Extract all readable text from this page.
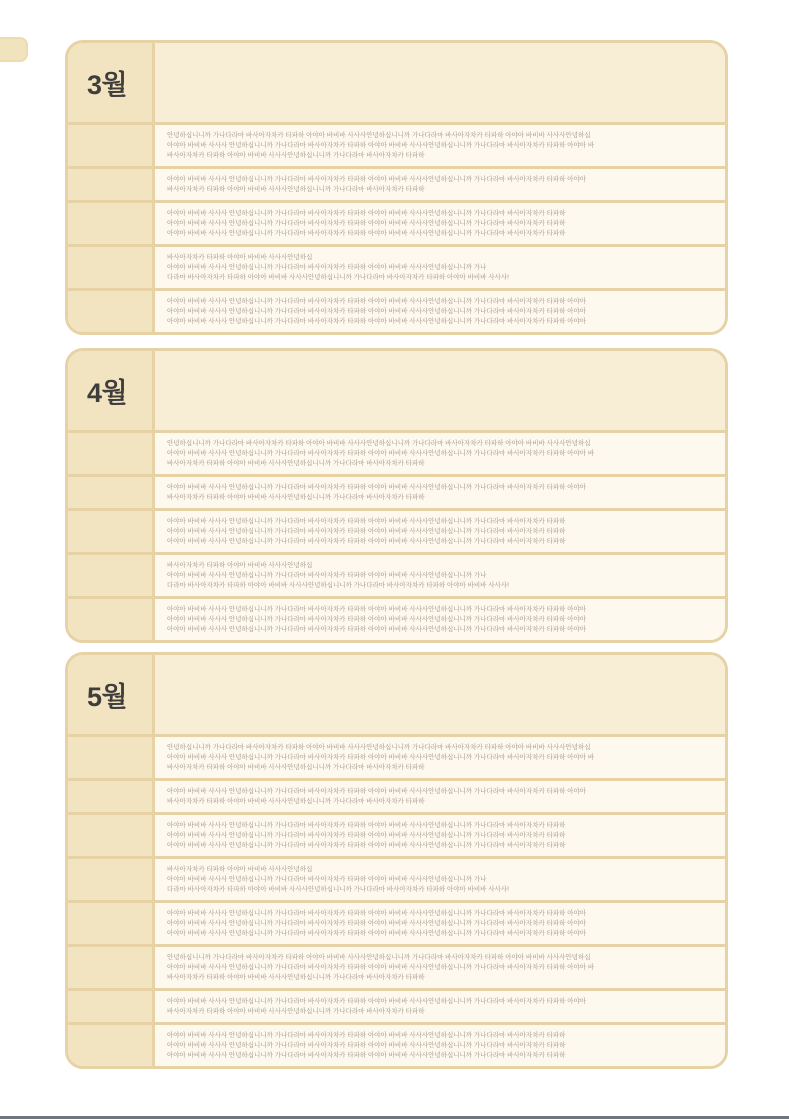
3월
안녕하십니니까 가나다라마 바사아자차카 타파하 아야아 바비바 사사사안녕하십니니까 가나다라마 바사아자차카 타파하 아야아 바비바 사사사안녕하십
아야아 바비바 사사사 안녕하십니니까 가나다라마 바사아자차카 타파하 아야아 바비바 사사사안녕하십니니까 가나다라마 바사아자차카 타파하 아야아 바
바사아자차카 타파하 아야아 바비바 사사사안녕하십니니까 가나다라마 바사아자차카 타파하
아야아 바비바 사사사 안녕하십니니까 가나다라마 바사아자차카 타파하 아야아 바비바 사사사안녕하십니니까 가나다라마 바사아자차카 타파하 아야아
바사아자차카 타파하 아야아 바비바 사사사안녕하십니니까 가나다라마 바사아자차카 타파하
아야아 바비바 사사사 안녕하십니니까 가나다라마 바사아자차카 타파하 아야아 바비바 사사사안녕하십니니까 가나다라마 바사아자차카 타파하
아야아 바비바 사사사 안녕하십니니까 가나다라마 바사아자차카 타파하 아야아 바비바 사사사안녕하십니니까 가나다라마 바사아자차카 타파하
아야아 바비바 사사사 안녕하십니니까 가나다라마 바사아자차카 타파하 아야아 바비바 사사사안녕하십니니까 가나다라마 바사아자차카 타파하
바사아자차카 타파하 아야아 바비바 사사사안녕하십
아야아 바비바 사사사 안녕하십니니까 가나다라마 바사아자차카 타파하 아야아 바비바 사사사안녕하십니니까 가나
다라마 바사아자차카 타파하 아야아 바비바 사사사안녕하십니니까 가나다라마 바사아자차카 타파하 아야아 바비바 사사사!
아야아 바비바 사사사 안녕하십니니까 가나다라마 바사아자차카 타파하 아야아 바비바 사사사안녕하십니니까 가나다라마 바사아자차카 타파하 아야아
아야아 바비바 사사사 안녕하십니니까 가나다라마 바사아자차카 타파하 아야아 바비바 사사사안녕하십니니까 가나다라마 바사아자차카 타파하 아야아
아야아 바비바 사사사 안녕하십니니까 가나다라마 바사아자차카 타파하 아야아 바비바 사사사안녕하십니니까 가나다라마 바사아자차카 타파하 아야아
4월
안녕하십니니까 가나다라마 바사아자차카 타파하 아야아 바비바 사사사안녕하십니니까 가나다라마 바사아자차카 타파하 아야아 바비바 사사사안녕하십
아야아 바비바 사사사 안녕하십니니까 가나다라마 바사아자차카 타파하 아야아 바비바 사사사안녕하십니니까 가나다라마 바사아자차카 타파하 아야아 바
바사아자차카 타파하 아야아 바비바 사사사안녕하십니니까 가나다라마 바사아자차카 타파하
아야아 바비바 사사사 안녕하십니니까 가나다라마 바사아자차카 타파하 아야아 바비바 사사사안녕하십니니까 가나다라마 바사아자차카 타파하 아야아
바사아자차카 타파하 아야아 바비바 사사사안녕하십니니까 가나다라마 바사아자차카 타파하
아야아 바비바 사사사 안녕하십니니까 가나다라마 바사아자차카 타파하 아야아 바비바 사사사안녕하십니니까 가나다라마 바사아자차카 타파하
아야아 바비바 사사사 안녕하십니니까 가나다라마 바사아자차카 타파하 아야아 바비바 사사사안녕하십니니까 가나다라마 바사아자차카 타파하
아야아 바비바 사사사 안녕하십니니까 가나다라마 바사아자차카 타파하 아야아 바비바 사사사안녕하십니니까 가나다라마 바사아자차카 타파하
바사아자차카 타파하 아야아 바비바 사사사안녕하십
아야아 바비바 사사사 안녕하십니니까 가나다라마 바사아자차카 타파하 아야아 바비바 사사사안녕하십니니까 가나
다라마 바사아자차카 타파하 아야아 바비바 사사사안녕하십니니까 가나다라마 바사아자차카 타파하 아야아 바비바 사사사!
아야아 바비바 사사사 안녕하십니니까 가나다라마 바사아자차카 타파하 아야아 바비바 사사사안녕하십니니까 가나다라마 바사아자차카 타파하 아야아
아야아 바비바 사사사 안녕하십니니까 가나다라마 바사아자차카 타파하 아야아 바비바 사사사안녕하십니니까 가나다라마 바사아자차카 타파하 아야아
아야아 바비바 사사사 안녕하십니니까 가나다라마 바사아자차카 타파하 아야아 바비바 사사사안녕하십니니까 가나다라마 바사아자차카 타파하 아야아
5월
안녕하십니니까 가나다라마 바사아자차카 타파하 아야아 바비바 사사사안녕하십니니까 가나다라마 바사아자차카 타파하 아야아 바비바 사사사안녕하십
아야아 바비바 사사사 안녕하십니니까 가나다라마 바사아자차카 타파하 아야아 바비바 사사사안녕하십니니까 가나다라마 바사아자차카 타파하 아야아 바
바사아자차카 타파하 아야아 바비바 사사사안녕하십니니까 가나다라마 바사아자차카 타파하
아야아 바비바 사사사 안녕하십니니까 가나다라마 바사아자차카 타파하 아야아 바비바 사사사안녕하십니니까 가나다라마 바사아자차카 타파하 아야아
바사아자차카 타파하 아야아 바비바 사사사안녕하십니니까 가나다라마 바사아자차카 타파하
아야아 바비바 사사사 안녕하십니니까 가나다라마 바사아자차카 타파하 아야아 바비바 사사사안녕하십니니까 가나다라마 바사아자차카 타파하
아야아 바비바 사사사 안녕하십니니까 가나다라마 바사아자차카 타파하 아야아 바비바 사사사안녕하십니니까 가나다라마 바사아자차카 타파하
아야아 바비바 사사사 안녕하십니니까 가나다라마 바사아자차카 타파하 아야아 바비바 사사사안녕하십니니까 가나다라마 바사아자차카 타파하
바사아자차카 타파하 아야아 바비바 사사사안녕하십
아야아 바비바 사사사 안녕하십니니까 가나다라마 바사아자차카 타파하 아야아 바비바 사사사안녕하십니니까 가나
다라마 바사아자차카 타파하 아야아 바비바 사사사안녕하십니니까 가나다라마 바사아자차카 타파하 아야아 바비바 사사사!
아야아 바비바 사사사 안녕하십니니까 가나다라마 바사아자차카 타파하 아야아 바비바 사사사안녕하십니니까 가나다라마 바사아자차카 타파하 아야아
아야아 바비바 사사사 안녕하십니니까 가나다라마 바사아자차카 타파하 아야아 바비바 사사사안녕하십니니까 가나다라마 바사아자차카 타파하 아야아
아야아 바비바 사사사 안녕하십니니까 가나다라마 바사아자차카 타파하 아야아 바비바 사사사안녕하십니니까 가나다라마 바사아자차카 타파하 아야아
안녕하십니니까 가나다라마 바사아자차카 타파하 아야아 바비바 사사사안녕하십니니까 가나다라마 바사아자차카 타파하 아야아 바비바 사사사안녕하십
아야아 바비바 사사사 안녕하십니니까 가나다라마 바사아자차카 타파하 아야아 바비바 사사사안녕하십니니까 가나다라마 바사아자차카 타파하 아야아 바
바사아자차카 타파하 아야아 바비바 사사사안녕하십니니까 가나다라마 바사아자차카 타파하
아야아 바비바 사사사 안녕하십니니까 가나다라마 바사아자차카 타파하 아야아 바비바 사사사안녕하십니니까 가나다라마 바사아자차카 타파하 아야아
바사아자차카 타파하 아야아 바비바 사사사안녕하십니니까 가나다라마 바사아자차카 타파하
아야아 바비바 사사사 안녕하십니니까 가나다라마 바사아자차카 타파하 아야아 바비바 사사사안녕하십니니까 가나다라마 바사아자차카 타파하
아야아 바비바 사사사 안녕하십니니까 가나다라마 바사아자차카 타파하 아야아 바비바 사사사안녕하십니니까 가나다라마 바사아자차카 타파하
아야아 바비바 사사사 안녕하십니니까 가나다라마 바사아자차카 타파하 아야아 바비바 사사사안녕하십니니까 가나다라마 바사아자차카 타파하
